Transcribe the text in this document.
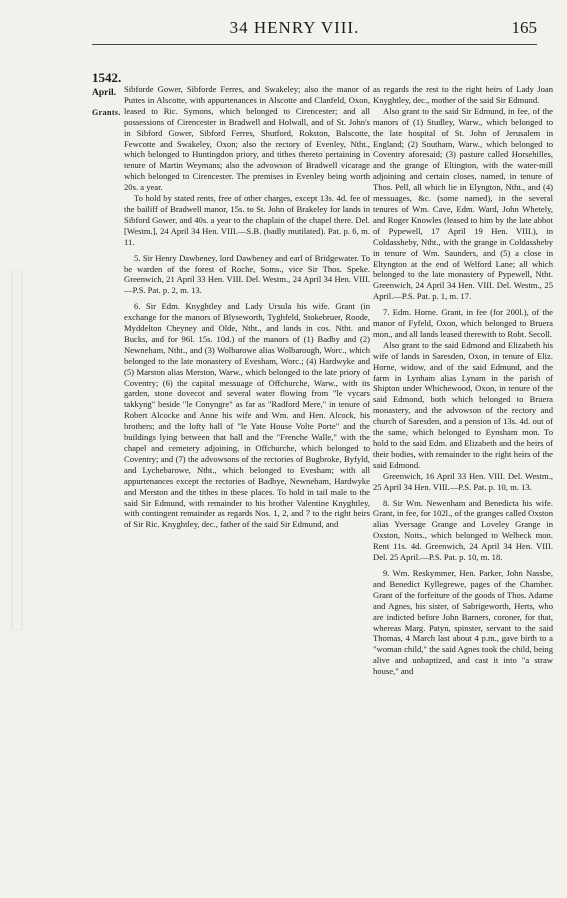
34 HENRY VIII.	165
1542.
April.
Grants.

Sibforde Gower, Sibforde Ferres, and Swakeley; also the manor of Puttes in Alscotte, with appurtenances in Alscotte and Clanfeld, Oxon, leased to Ric. Symons, which belonged to Cirencester; and all possessions of Cirencester in Bradwell and Holwall, and of St. John's in Sibford Gower, Sibford Ferres, Shutford, Rokston, Balscotte, Fewcotte and Swakeley, Oxon; also the rectory of Evenley, Ntht., which belonged to Huntingdon priory, and tithes thereto pertaining in tenure of Martin Weymans; also the advowson of Bradwell vicarage which belonged to Cirencester. The premises in Evenley being worth 20s. a year.

To hold by stated rents, free of other charges, except 13s. 4d. fee of the bailiff of Bradwell manor, 15s. to St. John of Brakeley for lands in Sibford Gower, and 40s. a year to the chaplain of the chapel there. Del. [Westm.], 24 April 34 Hen. VIII.—S.B. (badly mutilated). Pat. p. 6, m. 11.

5. Sir Henry Dawbeney, lord Dawbeney and earl of Bridgewater. To be warden of the forest of Roche, Soms., vice Sir Thos. Speke. Greenwich, 21 April 33 Hen. VIII. Del. Westm., 24 April 34 Hen. VIII.—P.S. Pat. p. 2, m. 13.

6. Sir Edm. Knyghtley and Lady Ursula his wife. Grant (in exchange for the manors of Blyseworth, Tyghfeld, Stokebruer, Roode, Myddelton Cheyney and Olde, Ntht., and lands in cos. Ntht. and Bucks, and for 96l. 15s. 10d.) of the manors of (1) Badby and (2) Newneham, Ntht., and (3) Wolbarowe alias Wolbarough, Worc., which belonged to the late monastery of Evesham, Worc.; (4) Hardwyke and (5) Marston alias Merston, Warw., which belonged to the late priory of Coventry; (6) the capital messuage of Offchurche, Warw., with its garden, stone dovecot and several water flowing from "le vycars takkyng" beside "le Conyngre" as far as "Radford Mere," in tenure of Robert Alcocke and Anne his wife and Wm. and Hen. Alcock, his brothers; and the lofty hall of "le Yate House Volte Porte" and the buildings lying between that hall and the "Frenche Walle," with the chapel and cemetery adjoining, in Offchurche, which belonged to Coventry; and (7) the advowsons of the rectories of Bugbroke, Byfyld, and Lychebarowe, Ntht., which belonged to Evesham; with all appurtenances except the rectories of Badbye, Newneham, Hardwyke and Merston and the tithes in these places. To hold in tail male to the said Sir Edmund, with remainder to his brother Valentine Knyghtley, with contingent remainder as regards Nos. 1, 2, and 7 to the right heirs of Sir Ric. Knyghtley, dec., father of the said Sir Edmund, and

as regards the rest to the right heirs of Lady Joan Knyghtley, dec., mother of the said Sir Edmund.

Also grant to the said Sir Edmund, in fee, of the manors of (1) Studley, Warw., which belonged to the late hospital of St. John of Jerusalem in England; (2) Southam, Warw., which belonged to Coventry aforesaid; (3) pasture called Horsehilles, and the grange of Eltington, with the water-mill adjoining and certain closes, named, in tenure of Thos. Pell, all which lie in Elyngton, Ntht., and (4) messuages, &c. (some named), in the several tenures of Wm. Cave, Edm. Ward, John Whetely, and Roger Knowles (leased to him by the late abbot of Pypewell, 17 April 19 Hen. VIII.), in Coldassheby, Ntht., with the grange in Coldassheby in tenure of Wm. Saunders, and (5) a close in Eltyngton at the end of Welford Lane; all which belonged to the late monastery of Pypewell, Ntht. Greenwich, 24 April 34 Hen. VIII. Del. Westm., 25 April.—P.S. Pat. p. 1, m. 17.

7. Edm. Horne. Grant, in fee (for 200l.), of the manor of Fyfeld, Oxon, which belonged to Bruera mon., and all lands leased therewith to Robt. Secoll.

Also grant to the said Edmond and Elizabeth his wife of lands in Saresden, Oxon, in tenure of Eliz. Horne, widow, and of the said Edmund, and the farm in Lynham alias Lynam in the parish of Shipton under Whichewood, Oxon, in tenure of the said Edmond, both which belonged to Bruera monastery, and the advowson of the rectory and church of Saresden, and a pension of 13s. 4d. out of the same, which belonged to Eynsham mon. To hold to the said Edm. and Elizabeth and the heirs of their bodies, with remainder to the right heirs of the said Edmond.

Greenwich, 16 April 33 Hen. VIII. Del. Westm., 25 April 34 Hen. VIII.—P.S. Pat. p. 10, m. 13.

8. Sir Wm. Newenham and Benedicta his wife. Grant, in fee, for 102l., of the granges called Oxston alias Yversage Grange and Loveley Grange in Oxston, Notts., which belonged to Welbeck mon. Rent 11s. 4d. Greenwich, 24 April 34 Hen. VIII. Del. 25 April.—P.S. Pat. p. 10, m. 18.

9. Wm. Reskymmer, Hen. Parker, John Nassbe, and Benedict Kyllegrewe, pages of the Chamber. Grant of the forfeiture of the goods of Thos. Adame and Agnes, his sister, of Sabrigeworth, Herts, who are indicted before John Barners, coroner, for that, whereas Marg. Patyn, spinster, servant to the said Thomas, 4 March last about 4 p.m., gave birth to a "woman child," the said Agnes took the child, being alive and unbaptized, and cast it into "a straw house," and
